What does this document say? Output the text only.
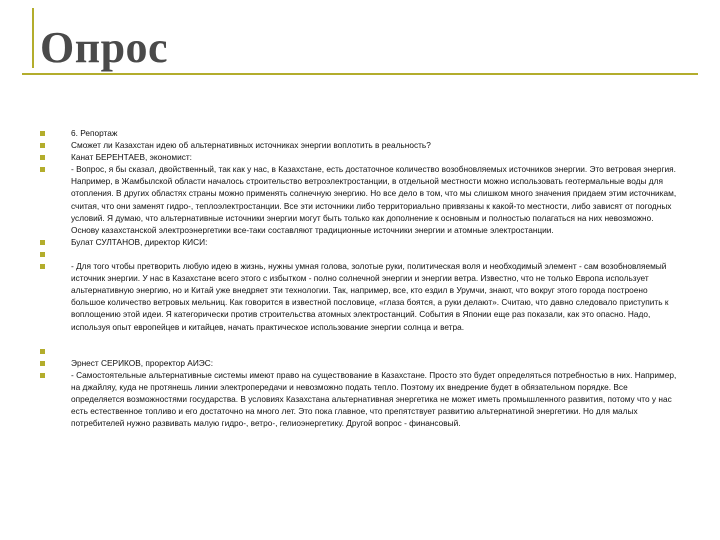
Опрос
6. Репортаж
Сможет ли Казахстан идею об альтернативных источниках энергии воплотить в реальность?
Канат БЕРЕНТАЕВ, экономист:
- Вопрос, я бы сказал, двойственный, так как у нас, в Казахстане, есть достаточное количество возобновляемых источников энергии. Это ветровая энергия. Например, в Жамбылской области началось строительство ветроэлектростанции, в отдельной местности можно использовать геотермальные воды для отопления. В других областях страны можно применять солнечную энергию. Но все дело в том, что мы слишком много значения придаем этим источникам, считая, что они заменят гидро-, теплоэлектростанции. Все эти источники либо территориально привязаны к какой-то местности, либо зависят от погодных условий. Я думаю, что альтернативные источники энергии могут быть только как дополнение к основным и полностью полагаться на них невозможно. Основу казахстанской электроэнергетики все-таки составляют традиционные источники энергии и атомные электростанции.
Булат СУЛТАНОВ, директор КИСИ:
- Для того чтобы претворить любую идею в жизнь, нужны умная голова, золотые руки, политическая воля и необходимый элемент - сам возобновляемый источник энергии. У нас в Казахстане всего этого с избытком - полно солнечной энергии и энергии ветра. Известно, что не только Европа использует альтернативную энергию, но и Китай уже внедряет эти технологии. Так, например, все, кто ездил в Урумчи, знают, что вокруг этого города построено большое количество ветровых мельниц. Как говорится в известной пословице, «глаза боятся, а руки делают». Считаю, что давно следовало приступить к воплощению этой идеи. Я категорически против строительства атомных электростанций. События в Японии еще раз показали, как это опасно. Надо, используя опыт европейцев и китайцев, начать практическое использование энергии солнца и ветра.
Эрнест СЕРИКОВ, проректор АИЭС:
- Самостоятельные альтернативные системы имеют право на существование в Казахстане. Просто это будет определяться потребностью в них. Например, на джайляу, куда не протянешь линии электропередачи и невозможно подать тепло. Поэтому их внедрение будет в обязательном порядке. Все определяется возможностями государства. В условиях Казахстана альтернативная энергетика не может иметь промышленного развития, потому что у нас есть естественное топливо и его достаточно на много лет. Это пока главное, что препятствует развитию альтернатиной энергетики. Но для малых потребителей нужно развивать малую гидро-, ветро-, гелиоэнергетику. Другой вопрос - финансовый.
